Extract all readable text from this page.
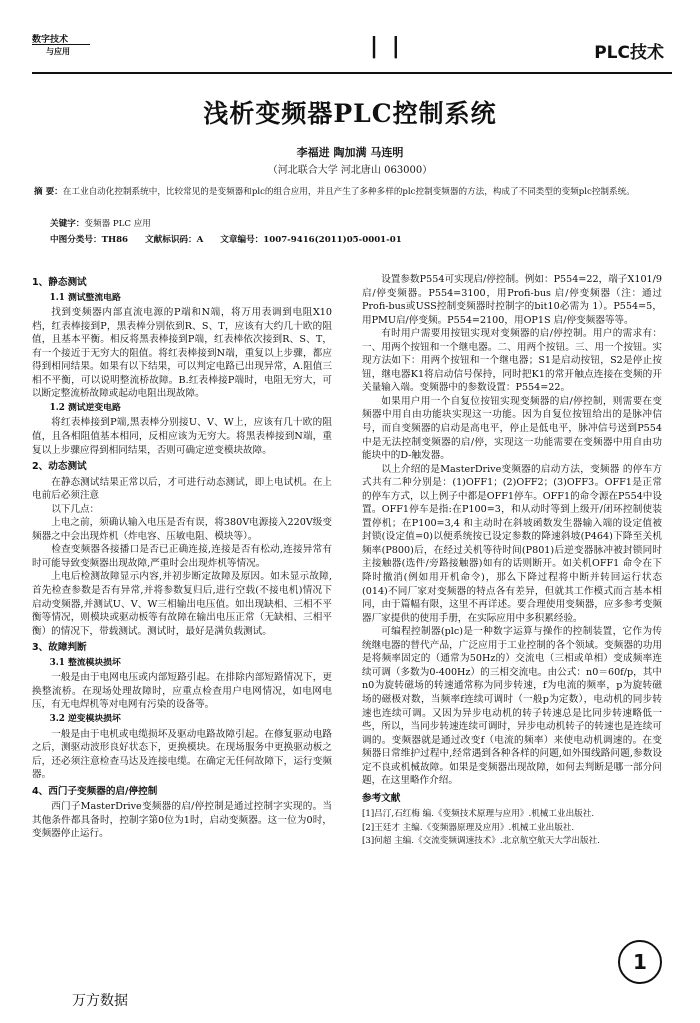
数字技术
与应用	| |	PLC技术
浅析变频器PLC控制系统
李福进 陶加满 马连明
（河北联合大学 河北唐山 063000）
摘 要：在工业自动化控制系统中，比较常见的是变频器和plc的组合应用，并且产生了多种多样的plc控制变频器的方法，构成了不同类型的变频plc控制系统。
关键字：变频器 PLC 应用
中图分类号：TH86 文献标识码：A 文章编号：1007-9416(2011)05-0001-01
1、静态测试
1.1 测试整流电路

找到变频器内部直流电源的P端和N端，将万用表调到电阻X10档，红表棒接到P，黑表棒分别依到R、S、T，应该有大约几十欧的阻值，且基本平衡。相反将黑表棒接到P端，红表棒依次接到R、S、T，有一个接近于无穷大的阻值。将红表棒接到N端，重复以上步骤，都应得到相同结果。如果有以下结果，可以判定电路已出现异常，A.阻值三相不平衡，可以说明整流桥故障。B.红表棒接P端时，电阻无穷大，可以断定整流桥故障或起动电阻出现故障。

1.2 测试逆变电路

将红表棒接到P端,黑表棒分别接U、V、W上，应该有几十欧的阻值，且各相阻值基本相同，反相应该为无穷大。将黑表棒接到N端，重复以上步骤应得到相同结果，否则可确定逆变模块故障。

2、动态测试

在静态测试结果正常以后，才可进行动态测试，即上电试机。在上电前后必须注意

以下几点：

上电之前，须确认输入电压是否有误，将380V电源接入220V级变频器之中会出现炸机（炸电容、压敏电阻、模块等）。

检查变频器各接播口是否已正确连接,连接是否有松动,连接异常有时可能导致变频器出现故障,严重时会出现炸机等情况。

上电后检测故障显示内容,并初步断定故障及原因。如未显示故障,首先检查参数是否有异常,并将参数复归后,进行空载(不接电机)情况下启动变频器,并测试U、V、W三相输出电压值。如出现缺相、三相不平衡等情况，则模块或驱动板等有故障在输出电压正常（无缺相、三相平衡）的情况下，带载测试。测试时，最好是满负载测试。

3、故障判断
3.1 整流模块损坏

一般是由于电网电压或内部短路引起。在排除内部短路情况下，更换整流桥。在现场处理故障时，应重点检查用户电网情况，如电网电压，有无电焊机等对电网有污染的设备等。

3.2 逆变模块损坏

一般是由于电机或电缆损坏及驱动电路故障引起。在修复驱动电路之后，测驱动波形良好状态下，更换模块。在现场服务中更换驱动板之后，还必须注意检查马达及连接电缆。在确定无任何故障下，运行变频器。

4、西门子变频器的启/停控制

西门子MasterDrive变频器的启/停控制是通过控制字实现的。当其他条件都具备时，控制字第0位为1时，启动变频器。这一位为0时，变频器停止运行。

设置参数P554可实现启/停控制。例如：P554=22，端子X101/9 启/停变频器。P554=3100，用Profi-bus 启/停变频器（注：通过Profi-bus或USS控制变频器时控制字的bit10必需为 1）。P554=5，用PMU启/停变频。P554=2100，用OP1S 启/停变频器等等。

有时用户需要用按钮实现对变频器的启/停控制。用户的需求有：一、用两个按钮和一个继电器。二、用两个按钮。三、用一个按钮。实现方法如下：用两个按钮和一个继电器；S1是启动按钮，S2是停止按钮，继电器K1将启动信号保持，同时把K1的常开触点连接在变频的开关量输入端。变频器中的参数设置：P554=22。

如果用户用一个自复位按钮实现变频器的启/停控制，则需要在变频器中用自由功能块实现这一功能。因为自复位按钮给出的是脉冲信号，而自变频器的启动是高电平，停止是低电平，脉冲信号送到P554中是无法控制变频器的启/停，实现这一功能需要在变频器中用自由功能块中的D-触发器。

以上介绍的是MasterDrive变频器的启动方法，变频器 的停车方式共有二种分别是：(1)OFF1；(2)OFF2；(3)OFF3。OFF1是正常的停车方式，以上例子中都是OFF1停车。OFF1的命令源在P554中设置。OFF1停车是指:在P100=3，和从动时等到上级开/闭环控制使装置停机；在P100=3,4 和主动时在斜坡函数发生器输入端的设定值被封锁(设定值=0)以便系统按已设定参数的降速斜坡(P464)下降至关机频率(P800)后，在经过关机等待时间(P801)后逆变器脉冲被封锁同时主接触器(选件/旁路接触器)如有的话则断开。如关机OFF1 命令在下降时撤消(例如用开机命令)，那么下降过程将中断并转回运行状态(014)不同厂家对变频器的特点各有差异，但就其工作模式而言基本相同，由于篇幅有限，这里不再详述。要合理使用变频器，应多参考变频器厂家提供的使用手册，在实际应用中多积累经验。

可编程控制器(plc)是一种数字运算与操作的控制装置，它作为传统继电器的替代产品，广泛应用于工业控制的各个领域。变频器的功用是将频率固定的（通常为50Hz的）交流电（三相或单相）变成频率连续可调（多数为0-400Hz）的三相交流电。由公式：n0＝60f/p，其中n0为旋转磁场的转速通常称为同步转速，f为电流的频率，p为旋转磁场的磁极对数，当频率f连续可调时（一般p为定数），电动机的同步转速也连续可调。又因为异步电动机的转子转速总是比同步转速略低一些，所以，当同步转速连续可调时，异步电动机转子的转速也是连续可调的。变频器就是通过改变f（电流的频率）来使电动机调速的。在变频器日常维护过程中,经常遇到各种各样的问题,如外围线路问题,参数设定不良或机械故障。如果是变频器出现故障，如何去判断是哪一部分问题，在这里略作介绍。

参考文献

[1]吕汀,石红梅 编.《变频技术原理与应用》.机械工业出版社.

[2]王廷才 主编.《变频器原理及应用》.机械工业出版社.

[3]何超 主编.《交流变频调速技术》.北京航空航天大学出版社.

1
万方数据
